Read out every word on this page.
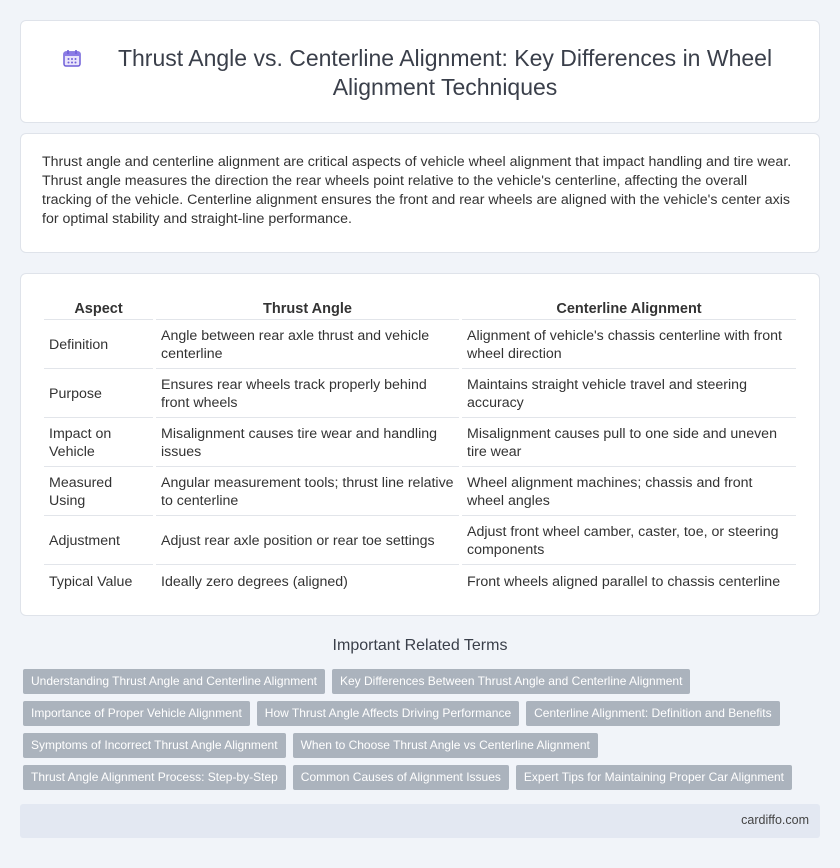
Thrust Angle vs. Centerline Alignment: Key Differences in Wheel Alignment Techniques

Thrust angle and centerline alignment are critical aspects of vehicle wheel alignment that impact handling and tire wear. Thrust angle measures the direction the rear wheels point relative to the vehicle's centerline, affecting the overall tracking of the vehicle. Centerline alignment ensures the front and rear wheels are aligned with the vehicle's center axis for optimal stability and straight-line performance.

Aspect	Thrust Angle	Centerline Alignment
Definition	Angle between rear axle thrust and vehicle centerline	Alignment of vehicle's chassis centerline with front wheel direction
Purpose	Ensures rear wheels track properly behind front wheels	Maintains straight vehicle travel and steering accuracy
Impact on Vehicle	Misalignment causes tire wear and handling issues	Misalignment causes pull to one side and uneven tire wear
Measured Using	Angular measurement tools; thrust line relative to centerline	Wheel alignment machines; chassis and front wheel angles
Adjustment	Adjust rear axle position or rear toe settings	Adjust front wheel camber, caster, toe, or steering components
Typical Value	Ideally zero degrees (aligned)	Front wheels aligned parallel to chassis centerline
Important Related Terms
Understanding Thrust Angle and Centerline Alignment	Key Differences Between Thrust Angle and Centerline Alignment
Importance of Proper Vehicle Alignment	How Thrust Angle Affects Driving Performance	Centerline Alignment: Definition and Benefits
Symptoms of Incorrect Thrust Angle Alignment	When to Choose Thrust Angle vs Centerline Alignment
Thrust Angle Alignment Process: Step-by-Step	Common Causes of Alignment Issues	Expert Tips for Maintaining Proper Car Alignment
cardiffo.com
